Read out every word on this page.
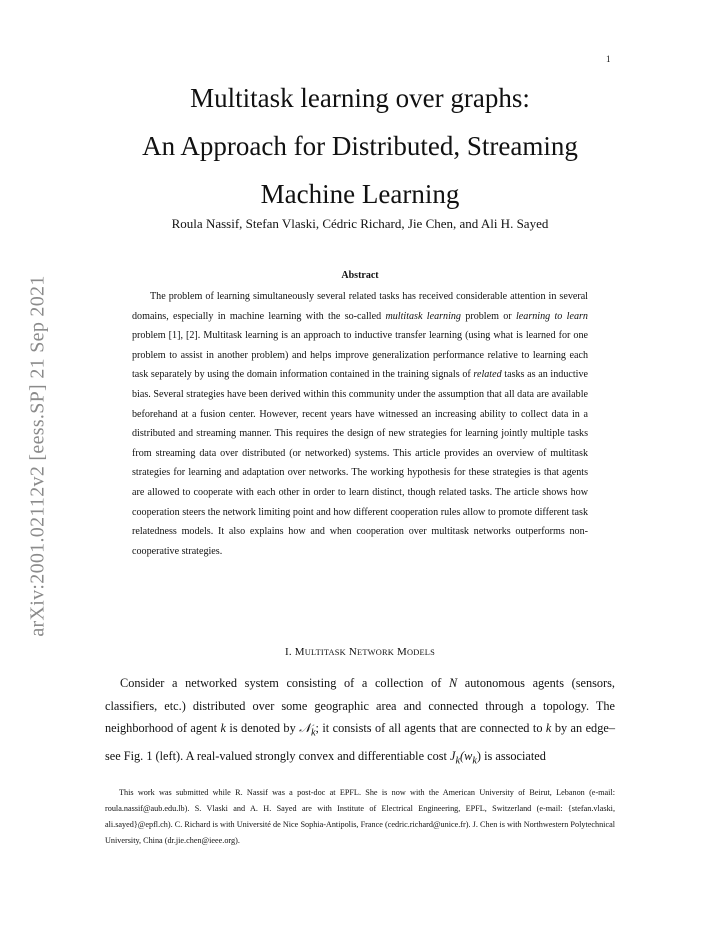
1
arXiv:2001.02112v2 [eess.SP] 21 Sep 2021
Multitask learning over graphs:
An Approach for Distributed, Streaming
Machine Learning
Roula Nassif, Stefan Vlaski, Cédric Richard, Jie Chen, and Ali H. Sayed
Abstract
The problem of learning simultaneously several related tasks has received considerable attention in several domains, especially in machine learning with the so-called multitask learning problem or learning to learn problem [1], [2]. Multitask learning is an approach to inductive transfer learning (using what is learned for one problem to assist in another problem) and helps improve generalization performance relative to learning each task separately by using the domain information contained in the training signals of related tasks as an inductive bias. Several strategies have been derived within this community under the assumption that all data are available beforehand at a fusion center. However, recent years have witnessed an increasing ability to collect data in a distributed and streaming manner. This requires the design of new strategies for learning jointly multiple tasks from streaming data over distributed (or networked) systems. This article provides an overview of multitask strategies for learning and adaptation over networks. The working hypothesis for these strategies is that agents are allowed to cooperate with each other in order to learn distinct, though related tasks. The article shows how cooperation steers the network limiting point and how different cooperation rules allow to promote different task relatedness models. It also explains how and when cooperation over multitask networks outperforms non-cooperative strategies.
I. MULTITASK NETWORK MODELS
Consider a networked system consisting of a collection of N autonomous agents (sensors, classifiers, etc.) distributed over some geographic area and connected through a topology. The neighborhood of agent k is denoted by 𝒩$_k$; it consists of all agents that are connected to k by an edge–see Fig. 1 (left). A real-valued strongly convex and differentiable cost $J_k(w_k)$ is associated
This work was submitted while R. Nassif was a post-doc at EPFL. She is now with the American University of Beirut, Lebanon (e-mail: roula.nassif@aub.edu.lb). S. Vlaski and A. H. Sayed are with Institute of Electrical Engineering, EPFL, Switzerland (e-mail: {stefan.vlaski, ali.sayed}@epfl.ch). C. Richard is with Université de Nice Sophia-Antipolis, France (cedric.richard@unice.fr). J. Chen is with Northwestern Polytechnical University, China (dr.jie.chen@ieee.org).
